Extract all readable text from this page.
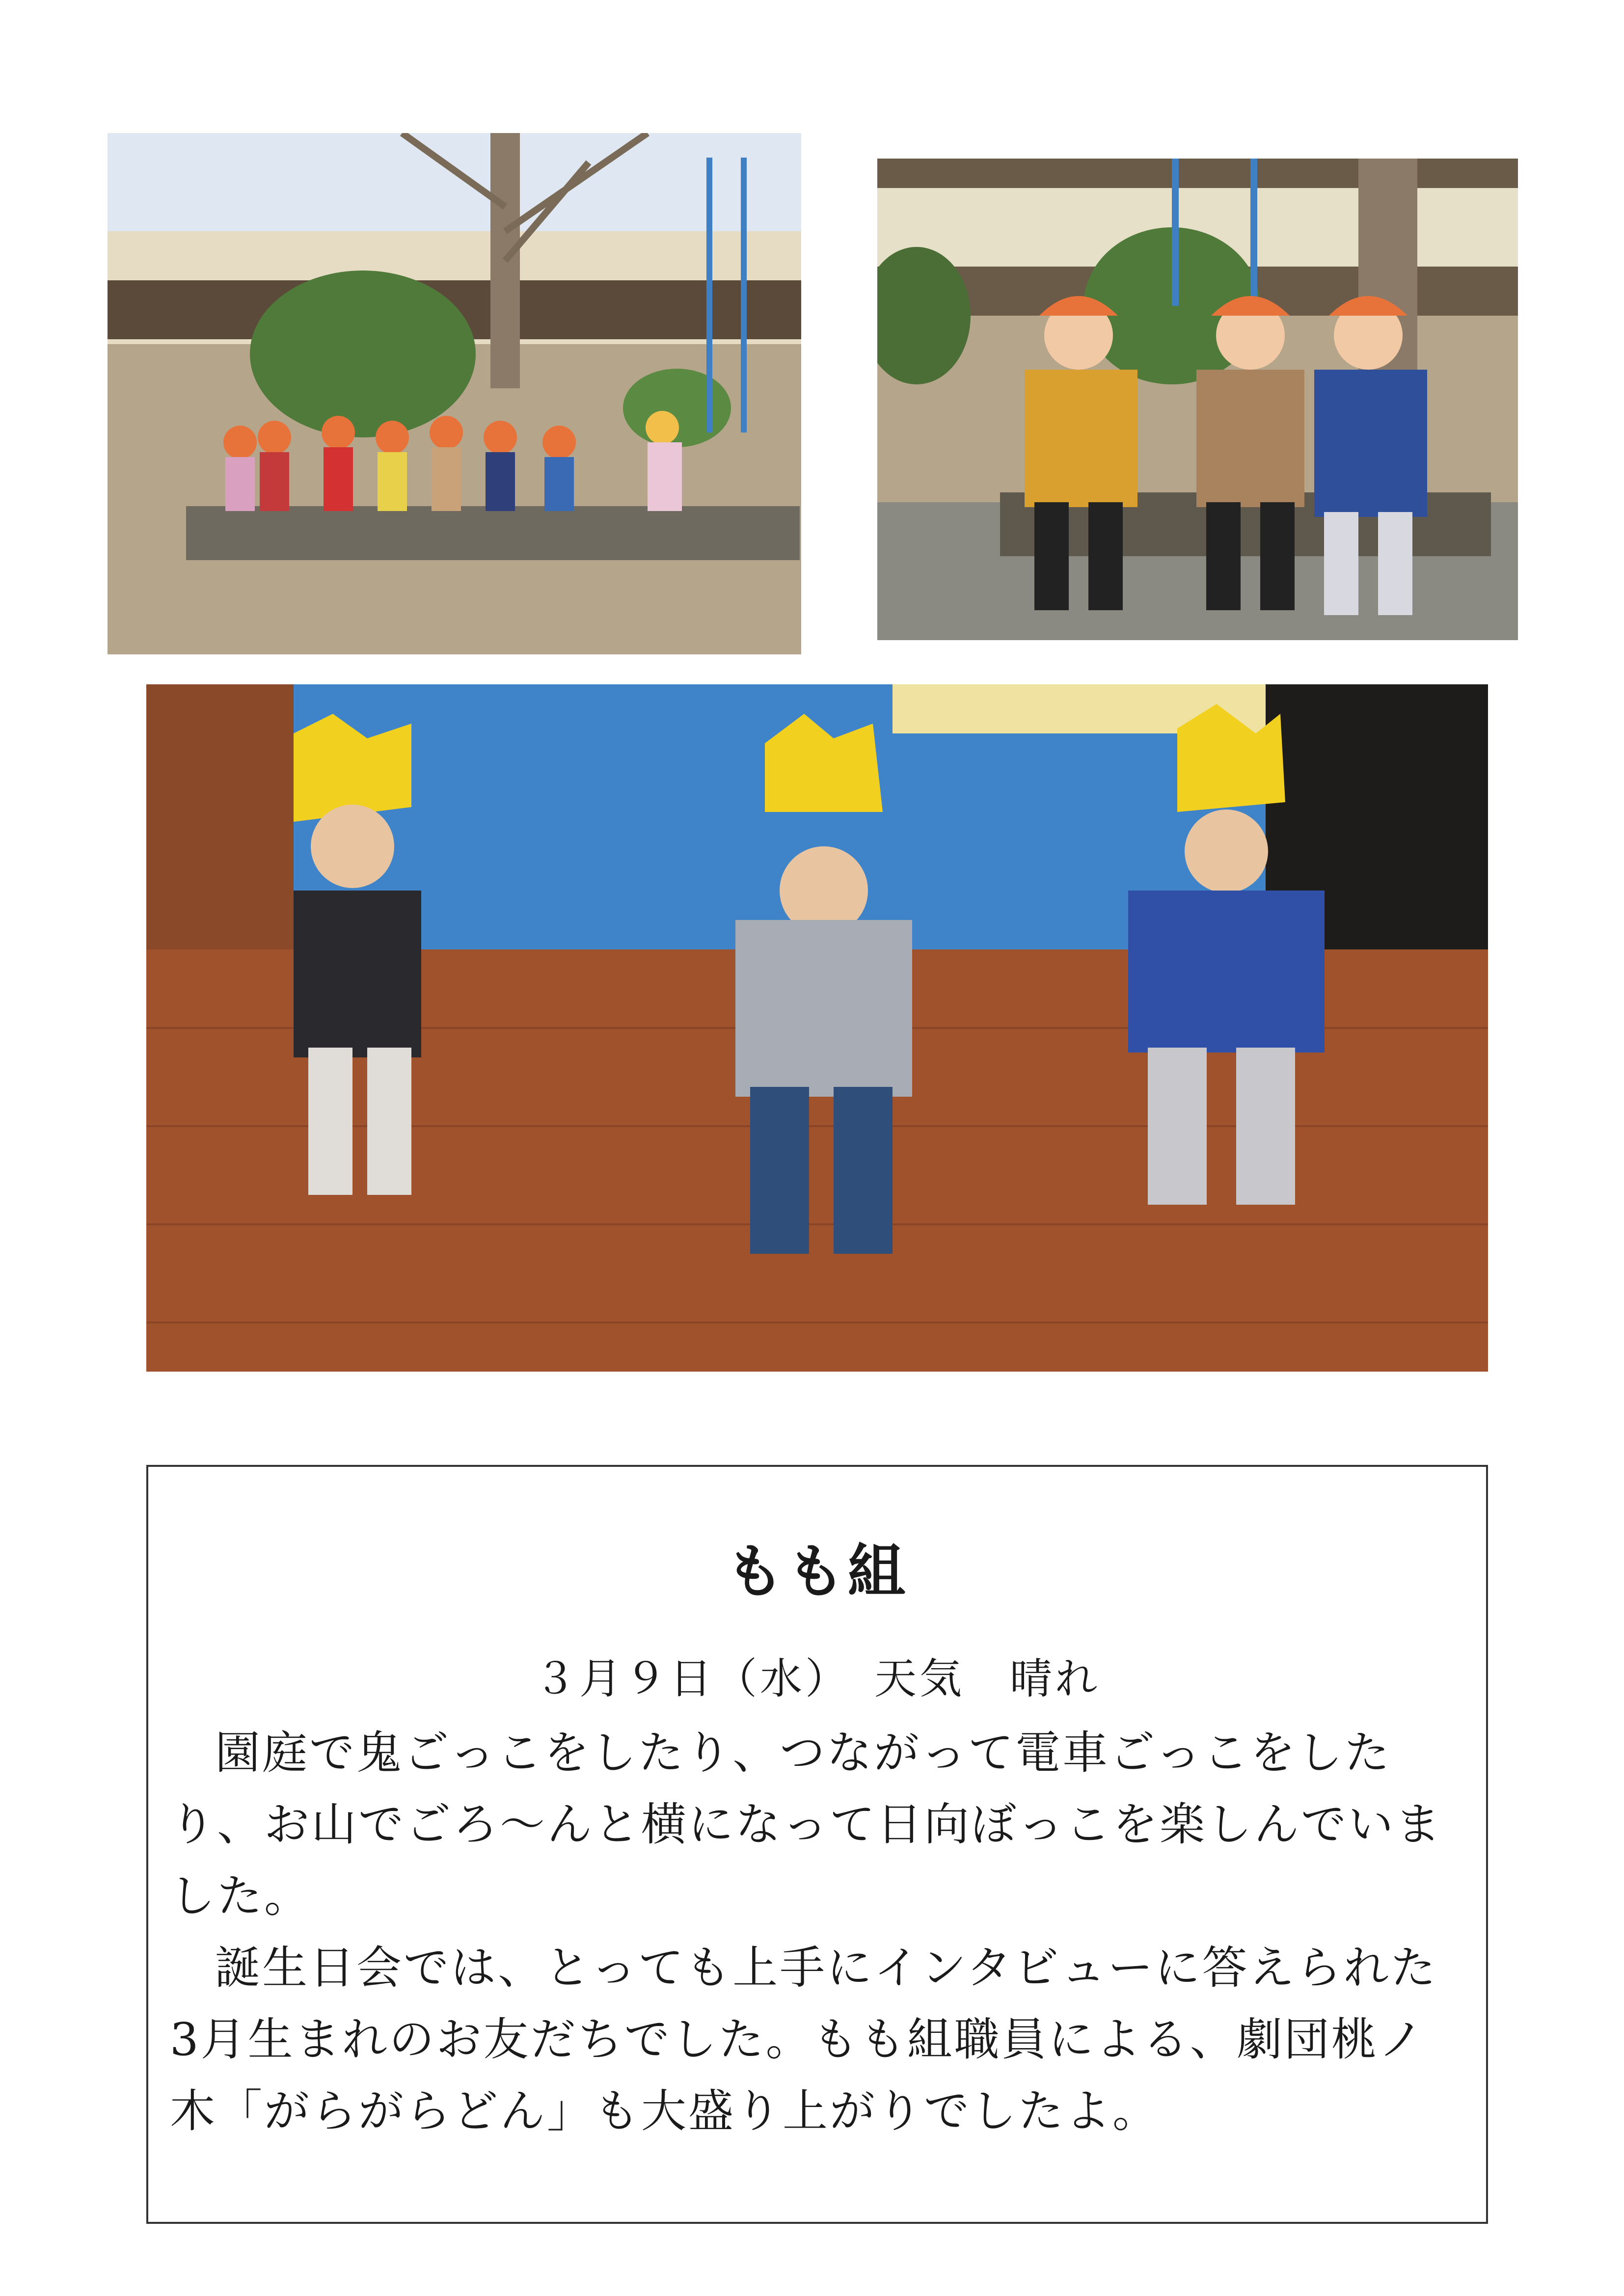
もも組
３月９日（水）　天気　晴れ

園庭で鬼ごっこをしたり、つながって電車ごっこをしたり、お山でごろ～んと横になって日向ぼっこを楽しんでいました。

誕生日会では、とっても上手にインタビューに答えられた3月生まれのお友だちでした。もも組職員による、劇団桃ノ木「がらがらどん」も大盛り上がりでしたよ。
